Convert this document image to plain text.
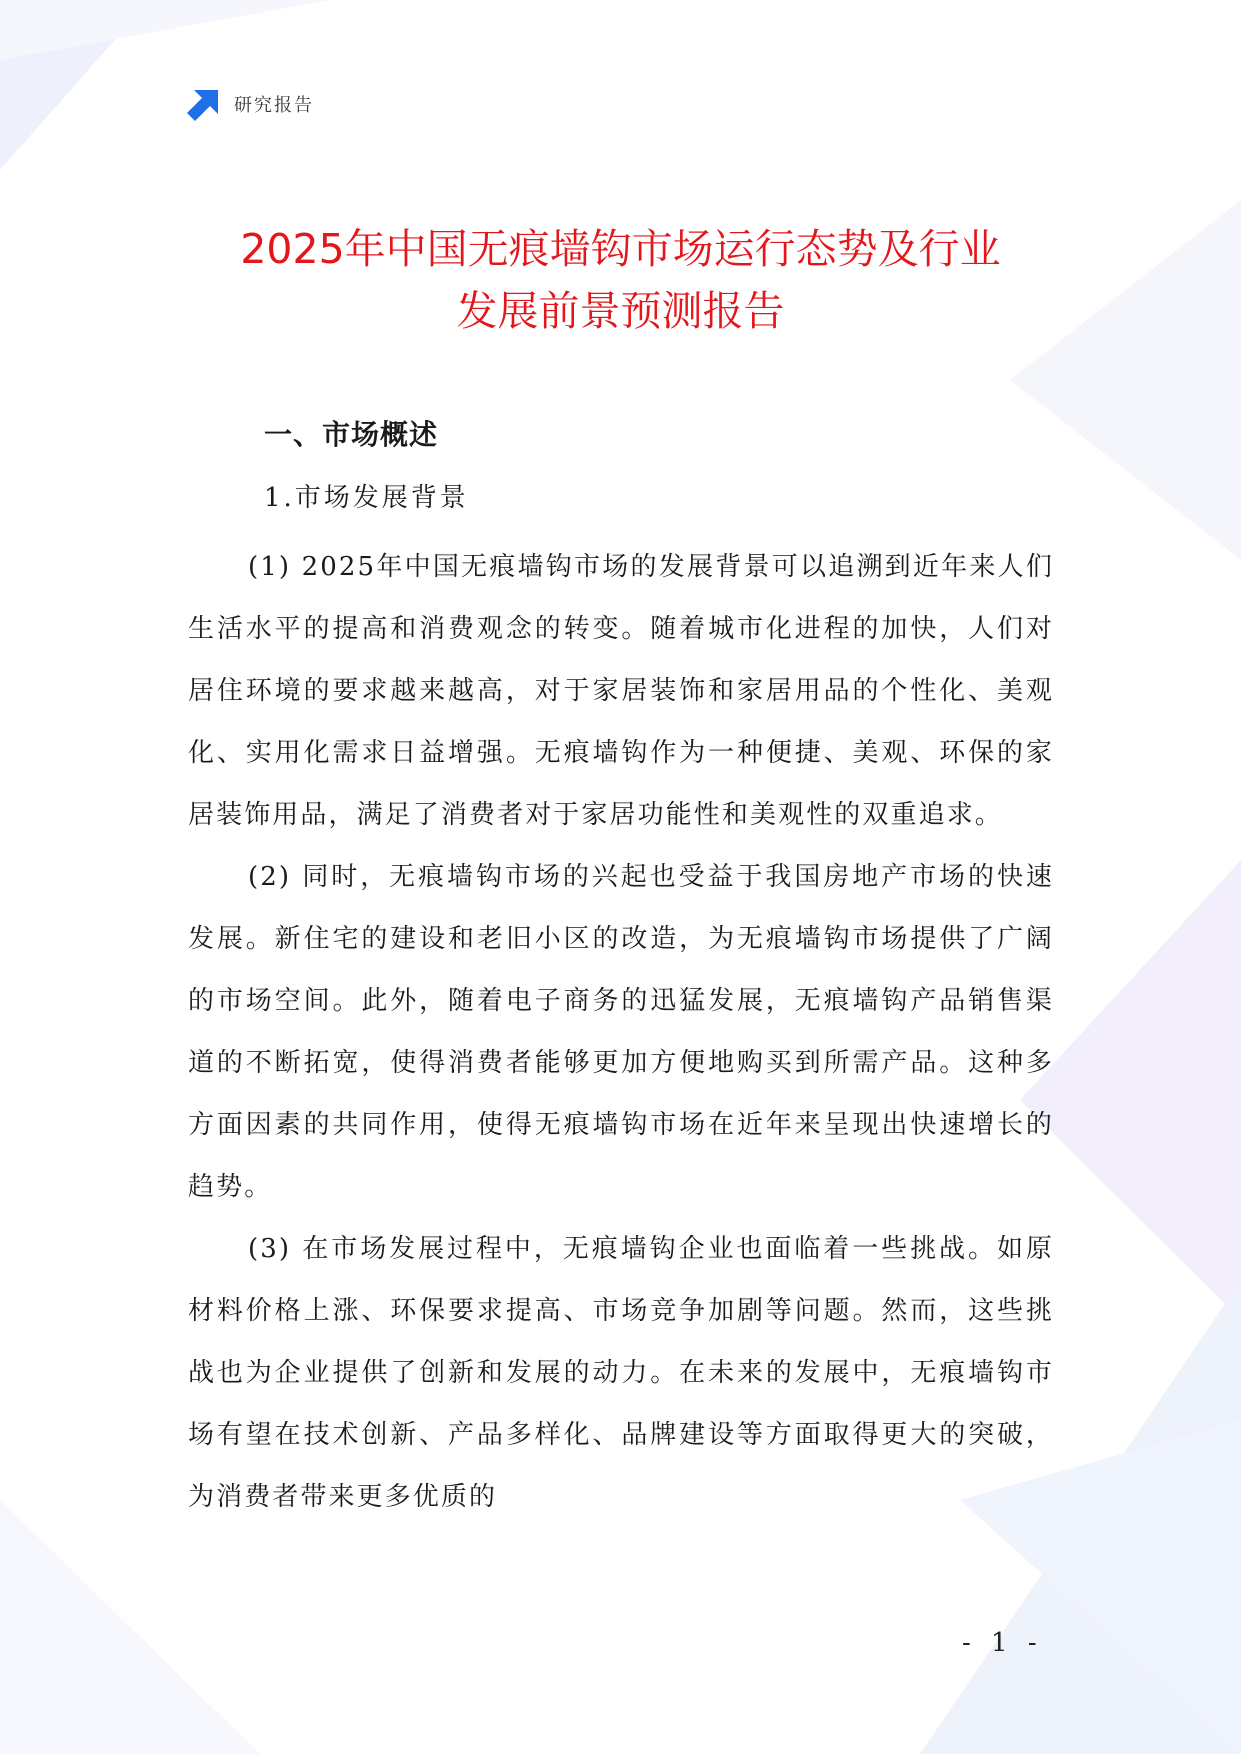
研究报告
2025年中国无痕墙钩市场运行态势及行业
发展前景预测报告
一、市场概述
1.市场发展背景

(1) 2025年中国无痕墙钩市场的发展背景可以追溯到近年来人们生活水平的提高和消费观念的转变。随着城市化进程的加快，人们对居住环境的要求越来越高，对于家居装饰和家居用品的个性化、美观化、实用化需求日益增强。无痕墙钩作为一种便捷、美观、环保的家居装饰用品，满足了消费者对于家居功能性和美观性的双重追求。

(2) 同时，无痕墙钩市场的兴起也受益于我国房地产市场的快速发展。新住宅的建设和老旧小区的改造，为无痕墙钩市场提供了广阔的市场空间。此外，随着电子商务的迅猛发展，无痕墙钩产品销售渠道的不断拓宽，使得消费者能够更加方便地购买到所需产品。这种多方面因素的共同作用，使得无痕墙钩市场在近年来呈现出快速增长的趋势。

(3) 在市场发展过程中，无痕墙钩企业也面临着一些挑战。如原材料价格上涨、环保要求提高、市场竞争加剧等问题。然而，这些挑战也为企业提供了创新和发展的动力。在未来的发展中，无痕墙钩市场有望在技术创新、产品多样化、品牌建设等方面取得更大的突破，为消费者带来更多优质的

- 1 -
